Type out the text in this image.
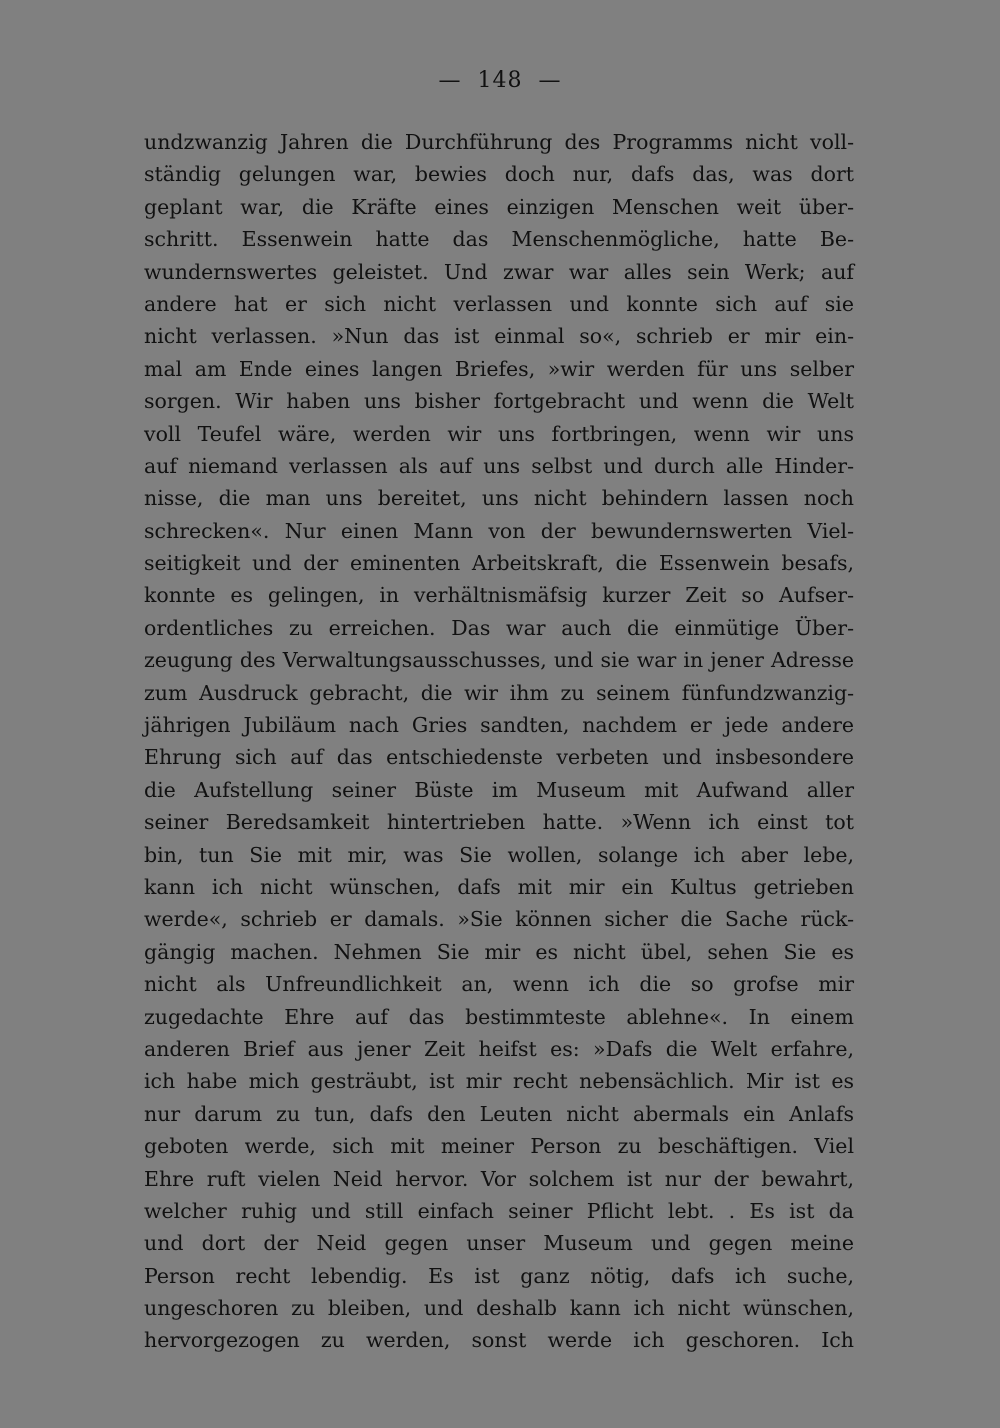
—  148  —
undzwanzig Jahren die Durchführung des Programms nicht voll-
ständig gelungen war, bewies doch nur, dafs das, was dort
geplant war, die Kräfte eines einzigen Menschen weit über-
schritt. Essenwein hatte das Menschenmögliche, hatte Be-
wundernswertes geleistet. Und zwar war alles sein Werk; auf
andere hat er sich nicht verlassen und konnte sich auf sie
nicht verlassen. »Nun das ist einmal so«, schrieb er mir ein-
mal am Ende eines langen Briefes, »wir werden für uns selber
sorgen. Wir haben uns bisher fortgebracht und wenn die Welt
voll Teufel wäre, werden wir uns fortbringen, wenn wir uns
auf niemand verlassen als auf uns selbst und durch alle Hinder-
nisse, die man uns bereitet, uns nicht behindern lassen noch
schrecken«. Nur einen Mann von der bewundernswerten Viel-
seitigkeit und der eminenten Arbeitskraft, die Essenwein besafs,
konnte es gelingen, in verhältnismäfsig kurzer Zeit so Aufser-
ordentliches zu erreichen. Das war auch die einmütige Über-
zeugung des Verwaltungsausschusses, und sie war in jener Adresse
zum Ausdruck gebracht, die wir ihm zu seinem fünfundzwanzig-
jährigen Jubiläum nach Gries sandten, nachdem er jede andere
Ehrung sich auf das entschiedenste verbeten und insbesondere
die Aufstellung seiner Büste im Museum mit Aufwand aller
seiner Beredsamkeit hintertrieben hatte. »Wenn ich einst tot
bin, tun Sie mit mir, was Sie wollen, solange ich aber lebe,
kann ich nicht wünschen, dafs mit mir ein Kultus getrieben
werde«, schrieb er damals. »Sie können sicher die Sache rück-
gängig machen. Nehmen Sie mir es nicht übel, sehen Sie es
nicht als Unfreundlichkeit an, wenn ich die so grofse mir
zugedachte Ehre auf das bestimmteste ablehne«. In einem
anderen Brief aus jener Zeit heifst es: »Dafs die Welt erfahre,
ich habe mich gesträubt, ist mir recht nebensächlich. Mir ist es
nur darum zu tun, dafs den Leuten nicht abermals ein Anlafs
geboten werde, sich mit meiner Person zu beschäftigen. Viel
Ehre ruft vielen Neid hervor. Vor solchem ist nur der bewahrt,
welcher ruhig und still einfach seiner Pflicht lebt. . Es ist da
und dort der Neid gegen unser Museum und gegen meine
Person recht lebendig. Es ist ganz nötig, dafs ich suche,
ungeschoren zu bleiben, und deshalb kann ich nicht wünschen,
hervorgezogen zu werden, sonst werde ich geschoren. Ich
